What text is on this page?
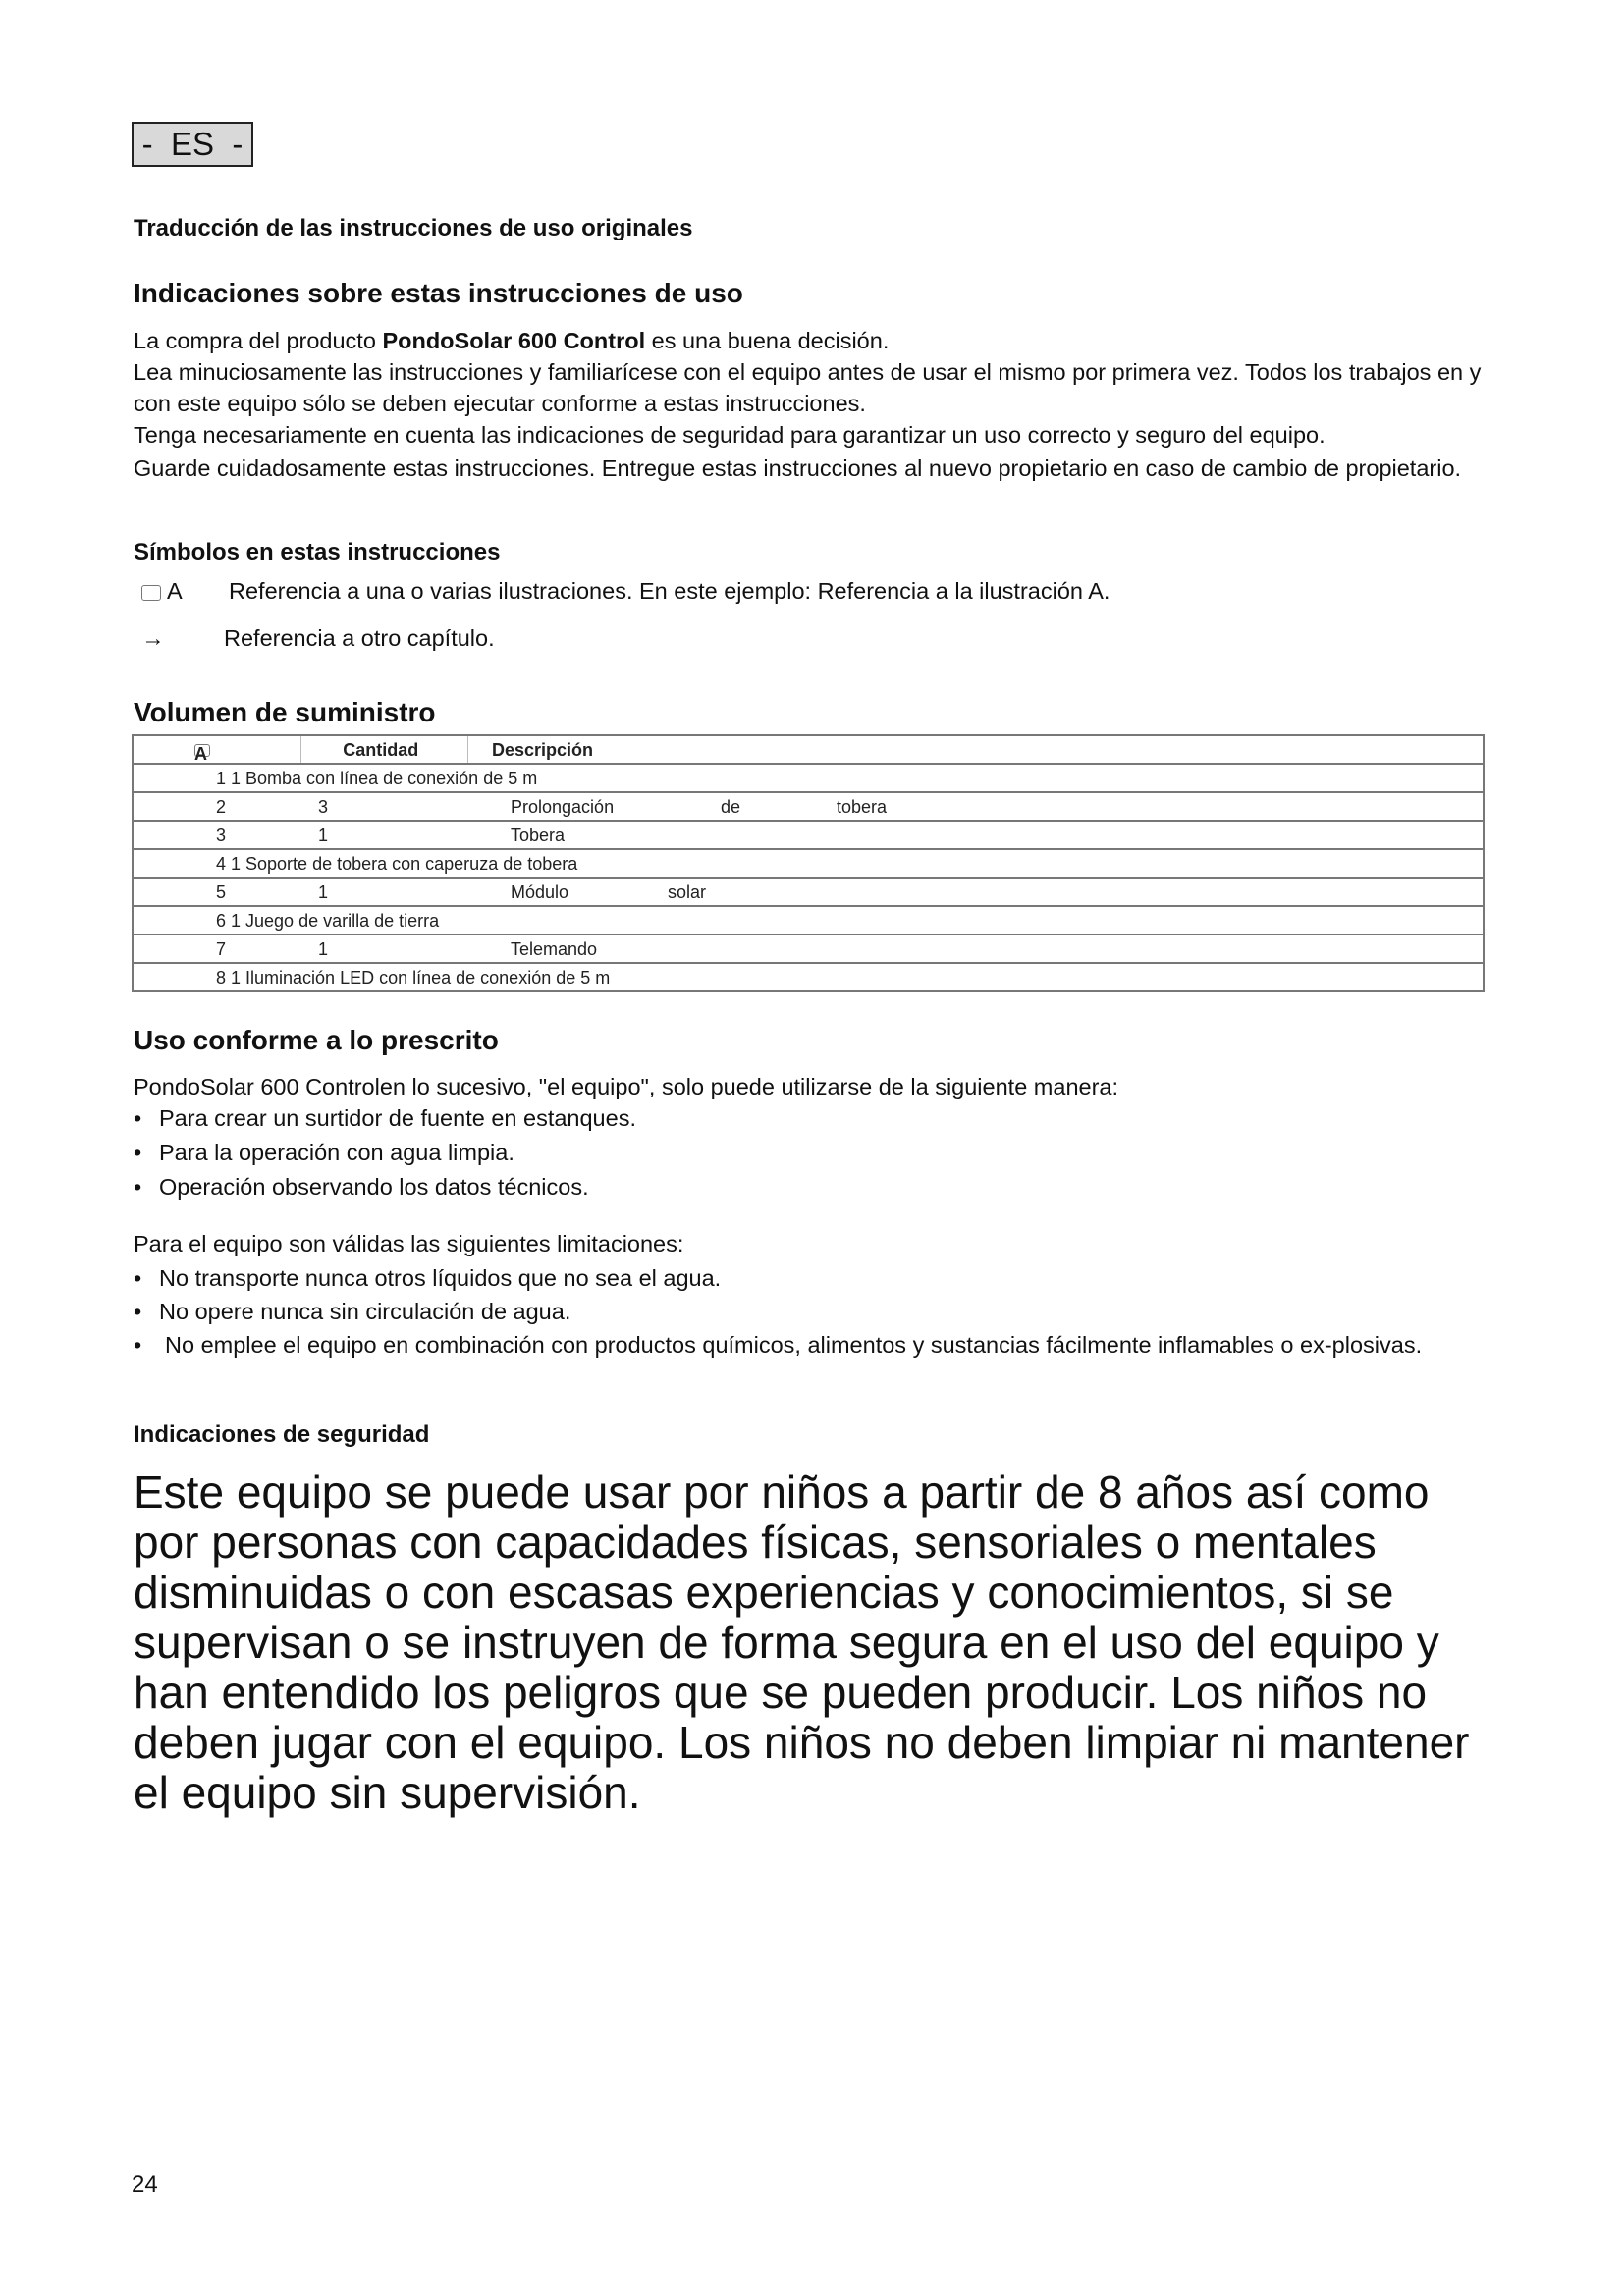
-  ES  -
Traducción de las instrucciones de uso originales
Indicaciones sobre estas instrucciones de uso
La compra del producto PondoSolar 600 Control es una buena decisión.
Lea minuciosamente las instrucciones y familiarícese con el equipo antes de usar el mismo por primera vez. Todos los trabajos en y con este equipo sólo se deben ejecutar conforme a estas instrucciones.
Tenga necesariamente en cuenta las indicaciones de seguridad para garantizar un uso correcto y seguro del equipo.
Guarde cuidadosamente estas instrucciones. Entregue estas instrucciones al nuevo propietario en caso de cambio de propietario.
Símbolos en estas instrucciones
A Referencia a una o varias ilustraciones. En este ejemplo: Referencia a la ilustración A.
→	Referencia a otro capítulo.
Volumen de suministro
A	Cantidad	Descripción

1 1 Bomba con línea de conexión de 5 m

2	3	Prolongación	de	tobera

3	1	Tobera

4 1 Soporte de tobera con caperuza de tobera

5	1	Módulo	solar

6 1 Juego de varilla de tierra

7	1	Telemando

8 1 Iluminación LED con línea de conexión de 5 m
Uso conforme a lo prescrito
PondoSolar 600 Controlen lo sucesivo, "el equipo", solo puede utilizarse de la siguiente manera:
• Para crear un surtidor de fuente en estanques.
• Para la operación con agua limpia.
• Operación observando los datos técnicos.
Para el equipo son válidas las siguientes limitaciones:
• No transporte nunca otros líquidos que no sea el agua.
• No opere nunca sin circulación de agua.
• No emplee el equipo en combinación con productos químicos, alimentos y sustancias fácilmente inflamables o ex-plosivas.
Indicaciones de seguridad
Este equipo se puede usar por niños a partir de 8 años así como por personas con capacidades físicas, sensoriales o mentales disminuidas o con escasas experiencias y conocimientos, si se supervisan o se instruyen de forma segura en el uso del equipo y han entendido los peligros que se pueden producir. Los niños no deben jugar con el equipo. Los niños no deben limpiar ni mantener el equipo sin supervisión.
24
